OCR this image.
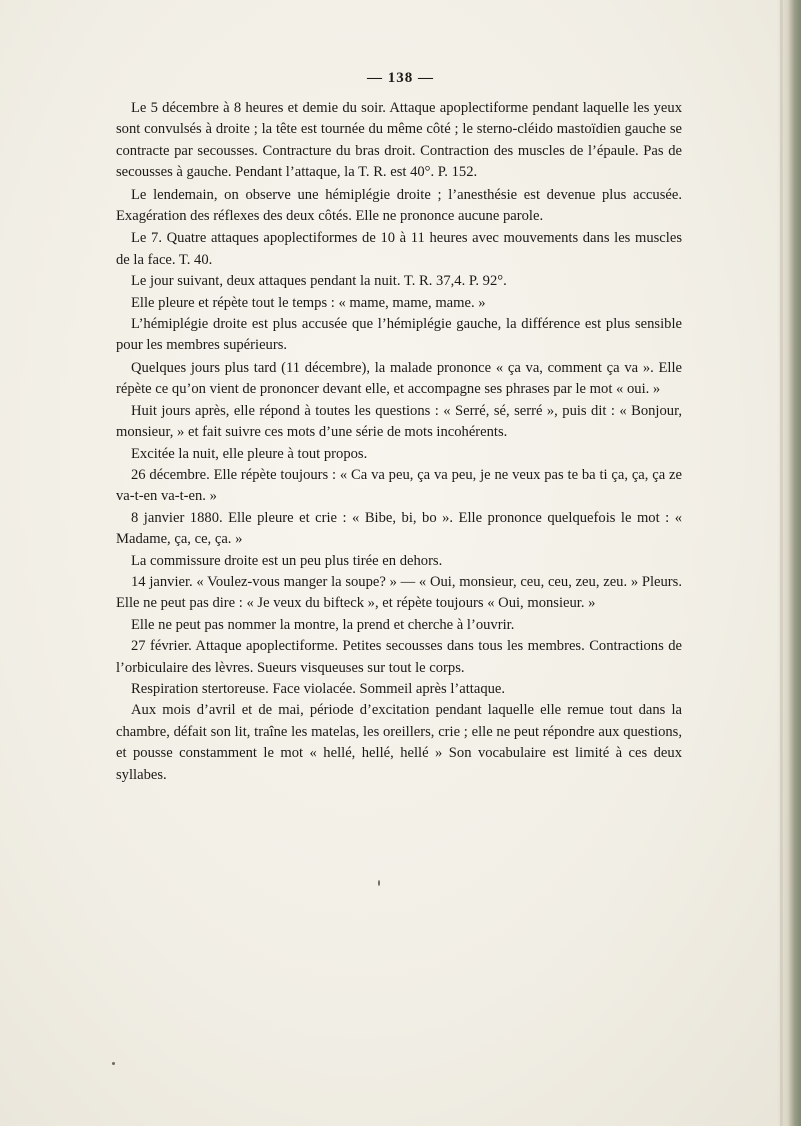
— 138 —

Le 5 décembre à 8 heures et demie du soir. Attaque apoplectiforme pendant laquelle les yeux sont convulsés à droite ; la tête est tournée du même côté ; le sterno-cléido mastoïdien gauche se contracte par secousses. Contracture du bras droit. Contraction des muscles de l’épaule. Pas de secousses à gauche. Pendant l’attaque, la T. R. est 40°. P. 152.

Le lendemain, on observe une hémiplégie droite ; l’anesthésie est devenue plus accusée. Exagération des réflexes des deux côtés. Elle ne prononce aucune parole.

Le 7. Quatre attaques apoplectiformes de 10 à 11 heures avec mouvements dans les muscles de la face. T. 40.

Le jour suivant, deux attaques pendant la nuit. T. R. 37,4. P. 92°.

Elle pleure et répète tout le temps : « mame, mame, mame. »

L’hémiplégie droite est plus accusée que l’hémiplégie gauche, la différence est plus sensible pour les membres supérieurs.

Quelques jours plus tard (11 décembre), la malade prononce « ça va, comment ça va ». Elle répète ce qu’on vient de prononcer devant elle, et accompagne ses phrases par le mot « oui. »

Huit jours après, elle répond à toutes les questions : « Serré, sé, serré », puis dit : « Bonjour, monsieur, » et fait suivre ces mots d’une série de mots incohérents.

Excitée la nuit, elle pleure à tout propos.

26 décembre. Elle répète toujours : « Ca va peu, ça va peu, je ne veux pas te ba ti ça, ça, ça ze va-t-en va-t-en. »

8 janvier 1880. Elle pleure et crie : « Bibe, bi, bo ». Elle prononce quelquefois le mot : « Madame, ça, ce, ça. »

La commissure droite est un peu plus tirée en dehors.

14 janvier. « Voulez-vous manger la soupe? » — « Oui, monsieur, ceu, ceu, zeu, zeu. » Pleurs. Elle ne peut pas dire : « Je veux du bifteck », et répète toujours « Oui, monsieur. »

Elle ne peut pas nommer la montre, la prend et cherche à l’ouvrir.

27 février. Attaque apoplectiforme. Petites secousses dans tous les membres. Contractions de l’orbiculaire des lèvres. Sueurs visqueuses sur tout le corps.

Respiration stertoreuse. Face violacée. Sommeil après l’attaque.

Aux mois d’avril et de mai, période d’excitation pendant laquelle elle remue tout dans la chambre, défait son lit, traîne les matelas, les oreillers, crie ; elle ne peut répondre aux questions, et pousse constamment le mot « hellé, hellé, hellé » Son vocabulaire est limité à ces deux syllabes.
